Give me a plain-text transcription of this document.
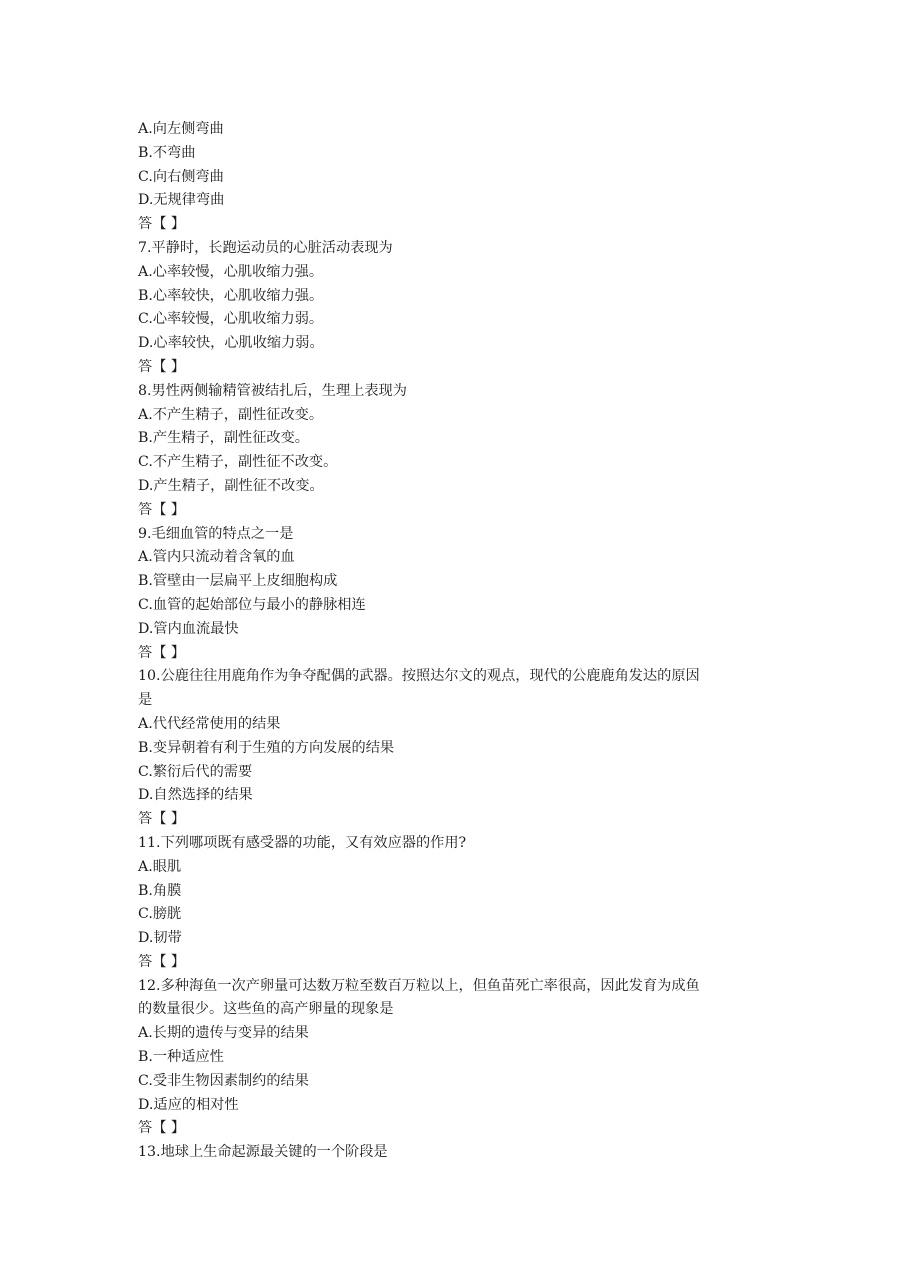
A.向左侧弯曲
B.不弯曲
C.向右侧弯曲
D.无规律弯曲
答【 】
7.平静时，长跑运动员的心脏活动表现为
A.心率较慢，心肌收缩力强。
B.心率较快，心肌收缩力强。
C.心率较慢，心肌收缩力弱。
D.心率较快，心肌收缩力弱。
答【 】
8.男性两侧输精管被结扎后，生理上表现为
A.不产生精子，副性征改变。
B.产生精子，副性征改变。
C.不产生精子，副性征不改变。
D.产生精子，副性征不改变。
答【 】
9.毛细血管的特点之一是
A.管内只流动着含氧的血
B.管壁由一层扁平上皮细胞构成
C.血管的起始部位与最小的静脉相连
D.管内血流最快
答【 】
10.公鹿往往用鹿角作为争夺配偶的武器。按照达尔文的观点，现代的公鹿鹿角发达的原因
是
A.代代经常使用的结果
B.变异朝着有利于生殖的方向发展的结果
C.繁衍后代的需要
D.自然选择的结果
答【 】
11.下列哪项既有感受器的功能，又有效应器的作用?
A.眼肌
B.角膜
C.膀胱
D.韧带
答【 】
12.多种海鱼一次产卵量可达数万粒至数百万粒以上，但鱼苗死亡率很高，因此发育为成鱼
的数量很少。这些鱼的高产卵量的现象是
A.长期的遗传与变异的结果
B.一种适应性
C.受非生物因素制约的结果
D.适应的相对性
答【 】
13.地球上生命起源最关键的一个阶段是
